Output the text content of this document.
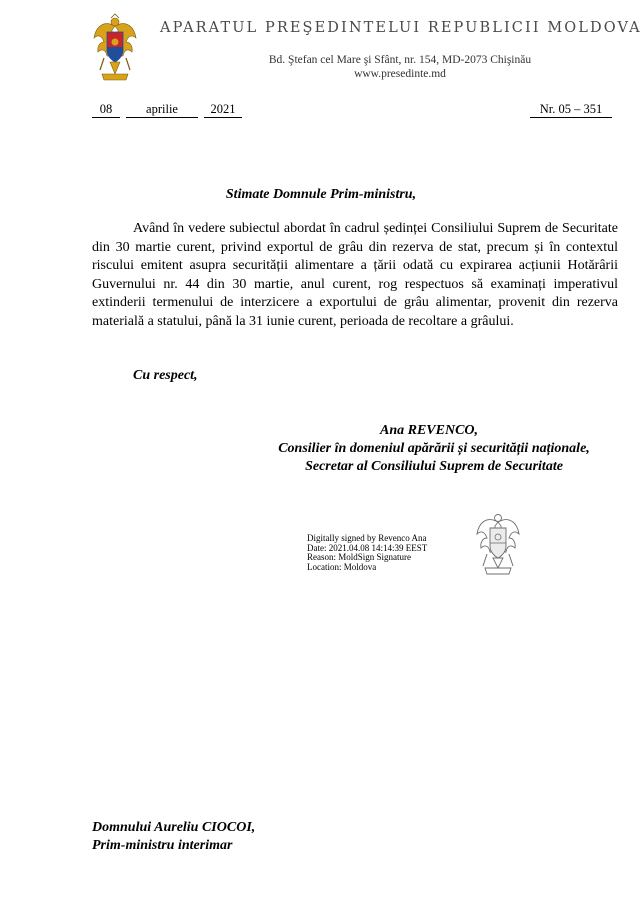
APARATUL PREŞEDINTELUI REPUBLICII MOLDOVA
Bd. Ştefan cel Mare şi Sfânt, nr. 154, MD-2073 Chişinău
www.presedinte.md
08	aprilie	2021	Nr. 05 – 351
Stimate Domnule Prim-ministru,
Având în vedere subiectul abordat în cadrul ședinței Consiliului Suprem de Securitate din 30 martie curent, privind exportul de grâu din rezerva de stat, precum și în contextul riscului emitent asupra securității alimentare a țării odată cu expirarea acțiunii Hotărârii Guvernului nr. 44 din 30 martie, anul curent, rog respectuos să examinați imperativul extinderii termenului de interzicere a exportului de grâu alimentar, provenit din rezerva materială a statului, până la 31 iunie curent, perioada de recoltare a grâului.
Cu respect,
Ana REVENCO,
Consilier în domeniul apărării și securității naționale,
Secretar al Consiliului Suprem de Securitate
Digitally signed by Revenco Ana
Date: 2021.04.08 14:14:39 EEST
Reason: MoldSign Signature
Location: Moldova
Domnului Aureliu CIOCOI,
Prim-ministru interimar
